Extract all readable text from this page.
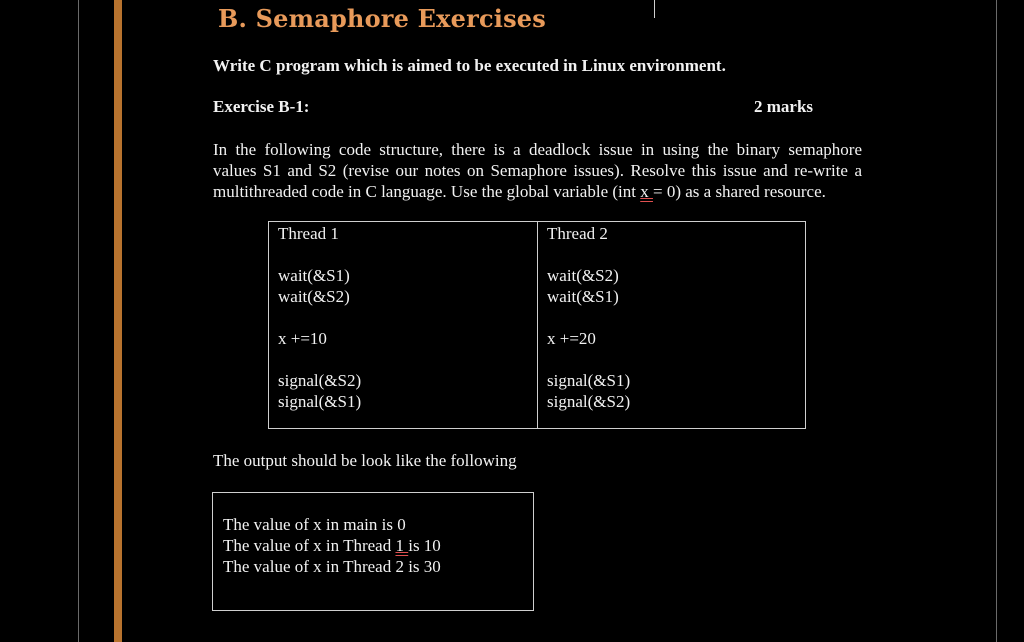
B. Semaphore Exercises
Write C program which is aimed to be executed in Linux environment.
Exercise B-1:	2 marks
In the following code structure, there is a deadlock issue in using the binary semaphore
values S1 and S2 (revise our notes on Semaphore issues). Resolve this issue and re-write a
multithreaded code in C language. Use the global variable (int x = 0) as a shared resource.
Thread 1
wait(&S1)
wait(&S2)
x +=10
signal(&S2)
signal(&S1)
Thread 2
wait(&S2)
wait(&S1)
x +=20
signal(&S1)
signal(&S2)
The output should be look like the following
The value of x in main is 0
The value of x in Thread 1 is 10
The value of x in Thread 2 is 30
